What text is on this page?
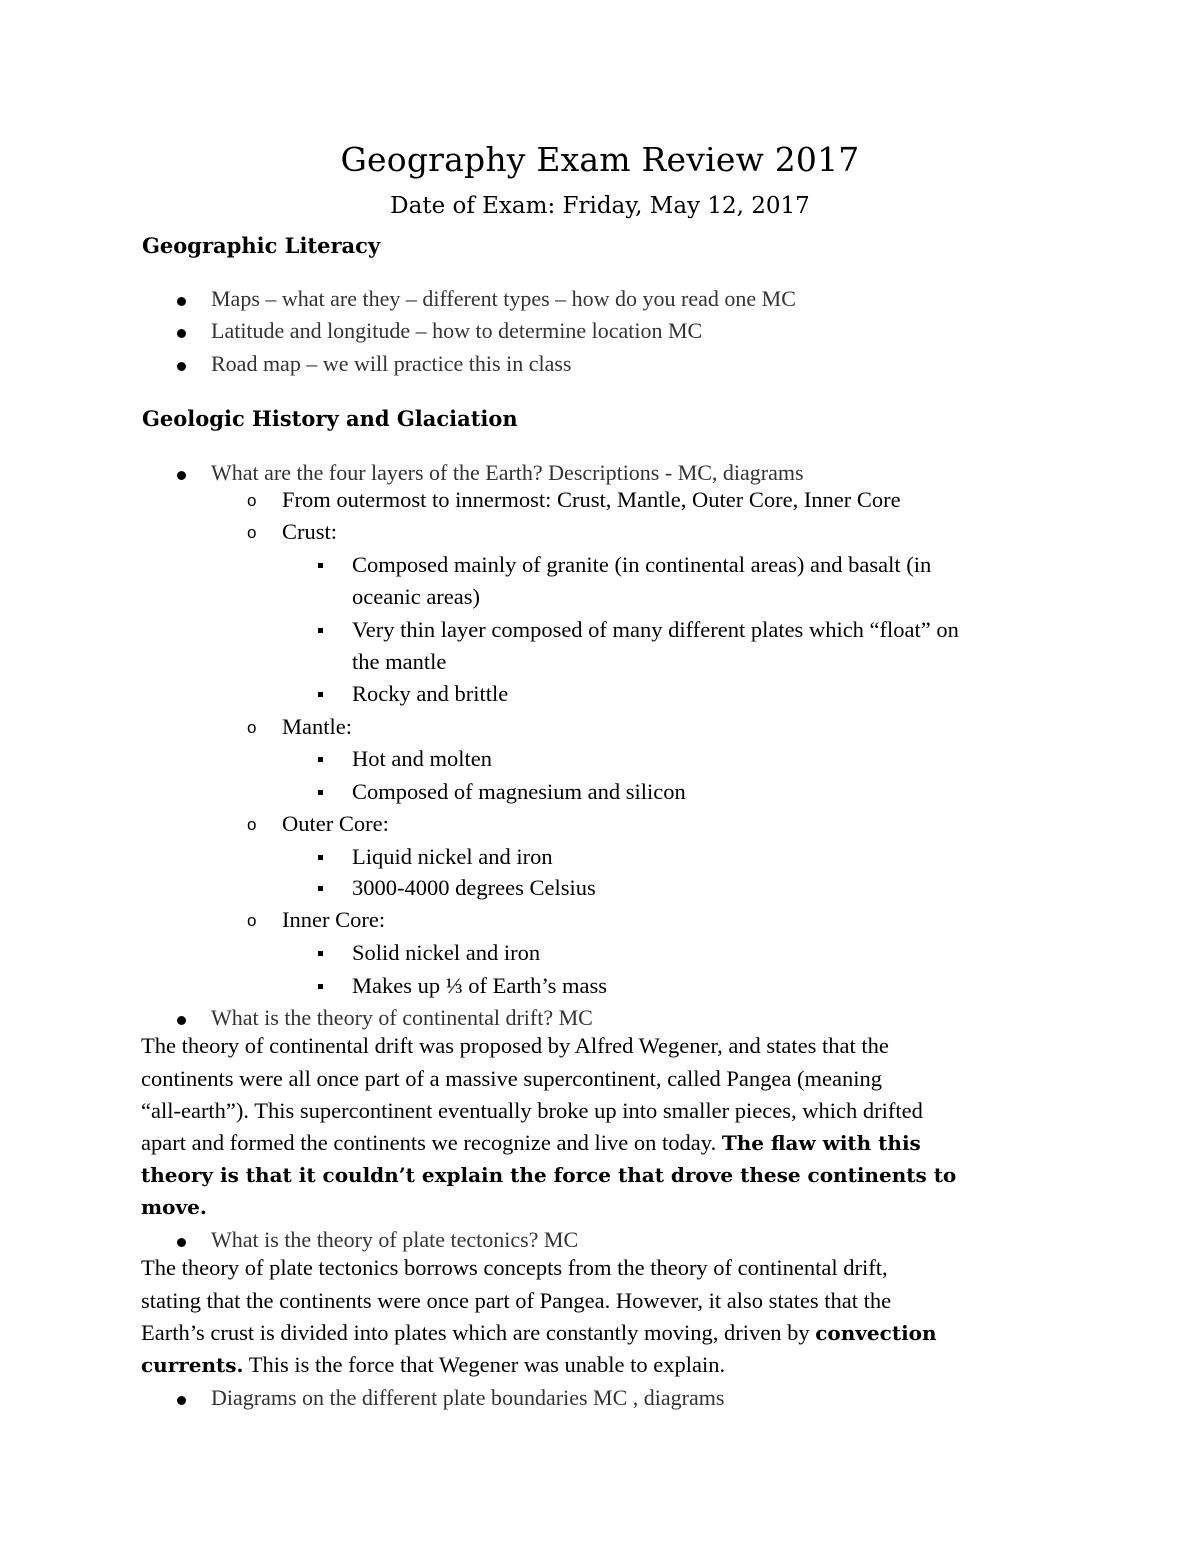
Geography Exam Review 2017
Date of Exam: Friday, May 12, 2017
Geographic Literacy
Maps – what are they – different types – how do you read one MC
Latitude and longitude – how to determine location MC
Road map – we will practice this in class
Geologic History and Glaciation
What are the four layers of the Earth? Descriptions - MC, diagrams
o From outermost to innermost: Crust, Mantle, Outer Core, Inner Core
o Crust:
Composed mainly of granite (in continental areas) and basalt (in
oceanic areas)
Very thin layer composed of many different plates which “float” on
the mantle
Rocky and brittle
o Mantle:
Hot and molten
Composed of magnesium and silicon
o Outer Core:
Liquid nickel and iron
3000-4000 degrees Celsius
o Inner Core:
Solid nickel and iron
Makes up ⅓ of Earth’s mass
What is the theory of continental drift? MC
The theory of continental drift was proposed by Alfred Wegener, and states that the
continents were all once part of a massive supercontinent, called Pangea (meaning
“all-earth”). This supercontinent eventually broke up into smaller pieces, which drifted
apart and formed the continents we recognize and live on today. The flaw with this
theory is that it couldn’t explain the force that drove these continents to
move.
What is the theory of plate tectonics? MC
The theory of plate tectonics borrows concepts from the theory of continental drift,
stating that the continents were once part of Pangea. However, it also states that the
Earth’s crust is divided into plates which are constantly moving, driven by convection
currents. This is the force that Wegener was unable to explain.
Diagrams on the different plate boundaries MC , diagrams
